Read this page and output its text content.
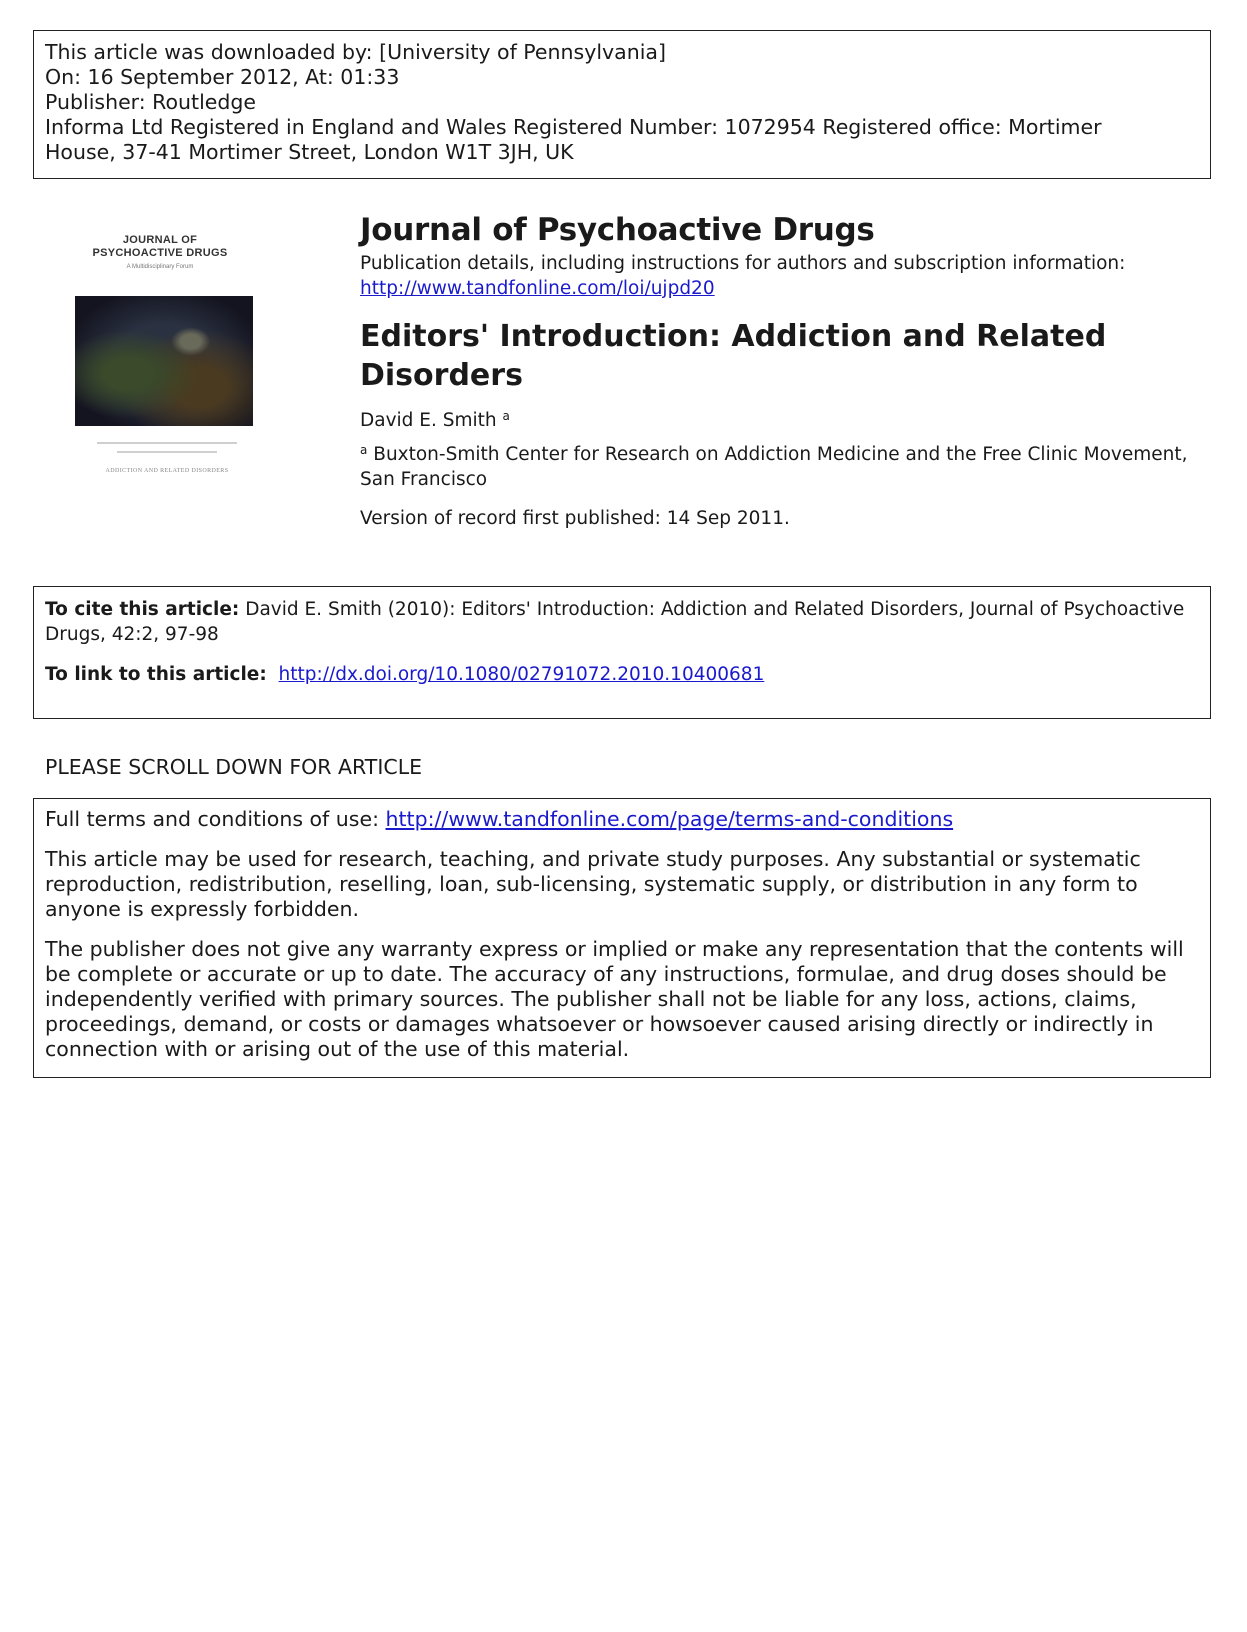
This article was downloaded by: [University of Pennsylvania]
On: 16 September 2012, At: 01:33
Publisher: Routledge
Informa Ltd Registered in England and Wales Registered Number: 1072954 Registered office: Mortimer
House, 37-41 Mortimer Street, London W1T 3JH, UK
JOURNAL OF
PSYCHOACTIVE DRUGS
A Multidisciplinary Forum
ADDICTION AND RELATED DISORDERS
Journal of Psychoactive Drugs
Publication details, including instructions for authors and subscription information:
http://www.tandfonline.com/loi/ujpd20
Editors' Introduction: Addiction and Related Disorders
David E. Smith $^a$
$^a$ Buxton-Smith Center for Research on Addiction Medicine and the Free Clinic Movement, San Francisco
Version of record first published: 14 Sep 2011.
To cite this article: David E. Smith (2010): Editors' Introduction: Addiction and Related Disorders, Journal of Psychoactive Drugs, 42:2, 97-98
To link to this article: http://dx.doi.org/10.1080/02791072.2010.10400681
PLEASE SCROLL DOWN FOR ARTICLE

Full terms and conditions of use: http://www.tandfonline.com/page/terms-and-conditions

This article may be used for research, teaching, and private study purposes. Any substantial or systematic reproduction, redistribution, reselling, loan, sub-licensing, systematic supply, or distribution in any form to anyone is expressly forbidden.

The publisher does not give any warranty express or implied or make any representation that the contents will be complete or accurate or up to date. The accuracy of any instructions, formulae, and drug doses should be independently verified with primary sources. The publisher shall not be liable for any loss, actions, claims, proceedings, demand, or costs or damages whatsoever or howsoever caused arising directly or indirectly in connection with or arising out of the use of this material.
